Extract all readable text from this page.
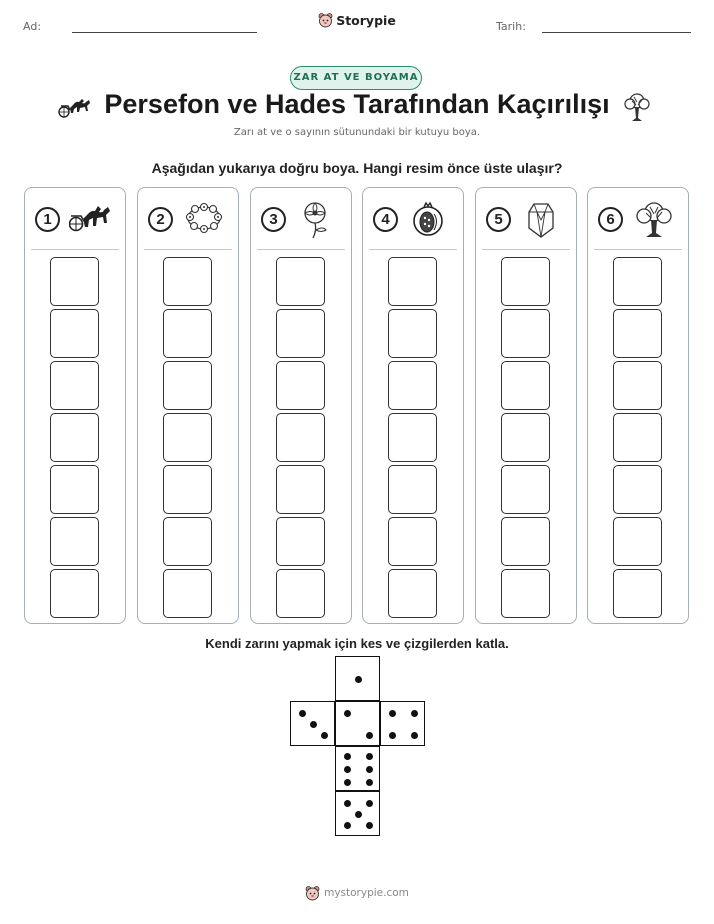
Ad:	Storypie	Tarih:
ZAR AT VE BOYAMA
Persefon ve Hades Tarafından Kaçırılışı
Zarı at ve o sayının sütunundaki bir kutuyu boya.
Aşağıdan yukarıya doğru boya. Hangi resim önce üste ulaşır?
1	2	3	4	5	6
Kendi zarını yapmak için kes ve çizgilerden katla.
mystorypie.com
